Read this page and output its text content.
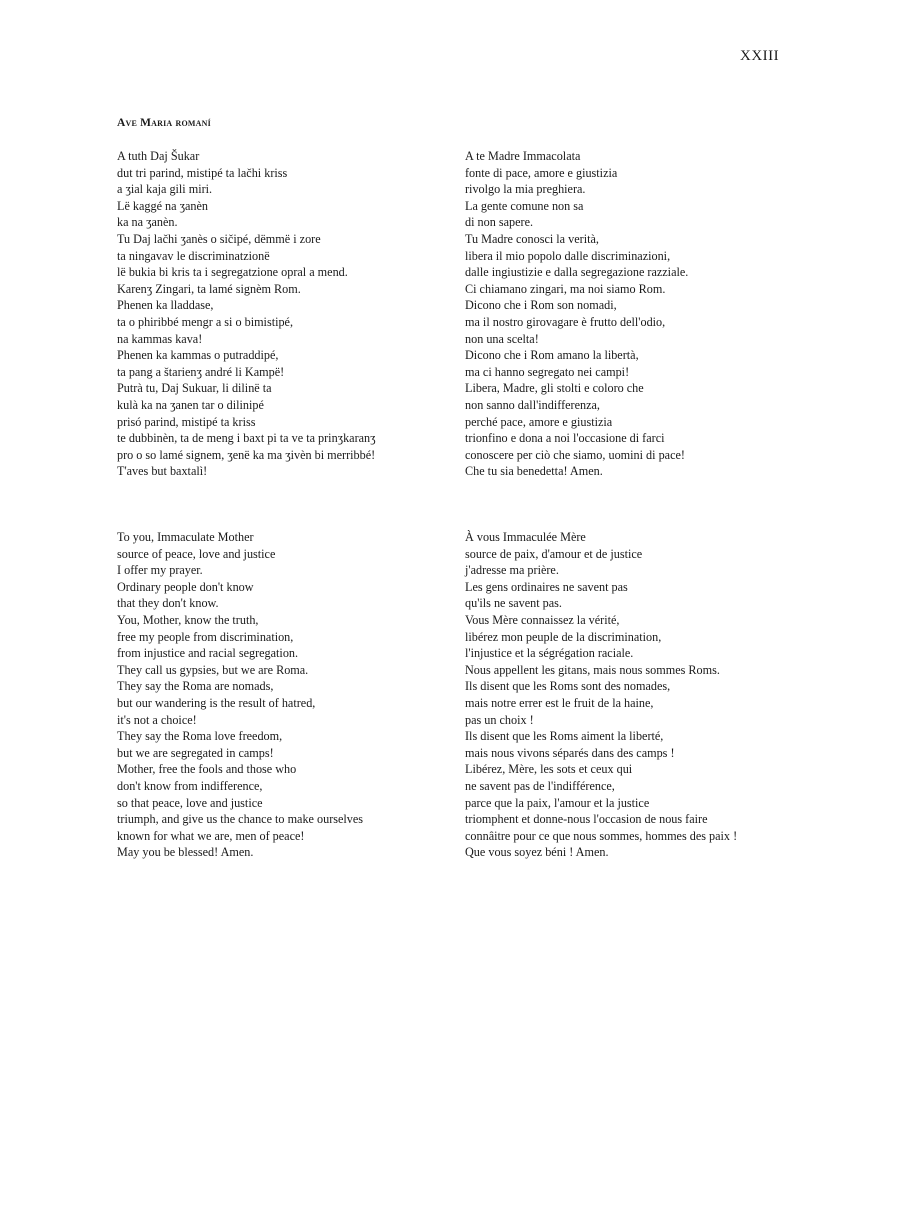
XXIII
Ave Maria romaní
A tuth Daj Šukar
dut tri parind, mistipé ta lačhi kriss
a ʒial kaja gili miri.
Lë kaggé na ʒanèn
ka na ʒanèn.
Tu Daj lačhi ʒanès o sičipé, dëmmë i zore
ta ningavav le discriminatzionë
lë bukia bi kris ta i segregatzione opral a mend.
Karenʒ Zingari, ta lamé signèm Rom.
Phenen ka lladdase,
ta o phiribbé mengr a si o bimistipé,
na kammas kava!
Phenen ka kammas o putraddipé,
ta pang a štarienʒ andré li Kampë!
Putrà tu, Daj Sukuar, li dilinë ta
kulà ka na ʒanen tar o dilinipé
prisó parind, mistipé ta kriss
te dubbinèn, ta de meng i baxt pi ta ve ta prinʒkaranʒ
pro o so lamé signem, ʒenë ka ma ʒivèn bi merribbé!
T'aves but baxtalì!
A te Madre Immacolata
fonte di pace, amore e giustizia
rivolgo la mia preghiera.
La gente comune non sa
di non sapere.
Tu Madre conosci la verità,
libera il mio popolo dalle discriminazioni,
dalle ingiustizie e dalla segregazione razziale.
Ci chiamano zingari, ma noi siamo Rom.
Dicono che i Rom son nomadi,
ma il nostro girovagare è frutto dell'odio,
non una scelta!
Dicono che i Rom amano la libertà,
ma ci hanno segregato nei campi!
Libera, Madre, gli stolti e coloro che
non sanno dall'indifferenza,
perché pace, amore e giustizia
trionfino e dona a noi l'occasione di farci
conoscere per ciò che siamo, uomini di pace!
Che tu sia benedetta! Amen.
To you, Immaculate Mother
source of peace, love and justice
I offer my prayer.
Ordinary people don't know
that they don't know.
You, Mother, know the truth,
free my people from discrimination,
from injustice and racial segregation.
They call us gypsies, but we are Roma.
They say the Roma are nomads,
but our wandering is the result of hatred,
it's not a choice!
They say the Roma love freedom,
but we are segregated in camps!
Mother, free the fools and those who
don't know from indifference,
so that peace, love and justice
triumph, and give us the chance to make ourselves
known for what we are, men of peace!
May you be blessed! Amen.
À vous Immaculée Mère
source de paix, d'amour et de justice
j'adresse ma prière.
Les gens ordinaires ne savent pas
qu'ils ne savent pas.
Vous Mère connaissez la vérité,
libérez mon peuple de la discrimination,
l'injustice et la ségrégation raciale.
Nous appellent les gitans, mais nous sommes Roms.
Ils disent que les Roms sont des nomades,
mais notre errer est le fruit de la haine,
pas un choix !
Ils disent que les Roms aiment la liberté,
mais nous vivons séparés dans des camps !
Libérez, Mère, les sots et ceux qui
ne savent pas de l'indifférence,
parce que la paix, l'amour et la justice
triomphent et donne-nous l'occasion de nous faire
connâitre pour ce que nous sommes, hommes des paix !
Que vous soyez béni ! Amen.
